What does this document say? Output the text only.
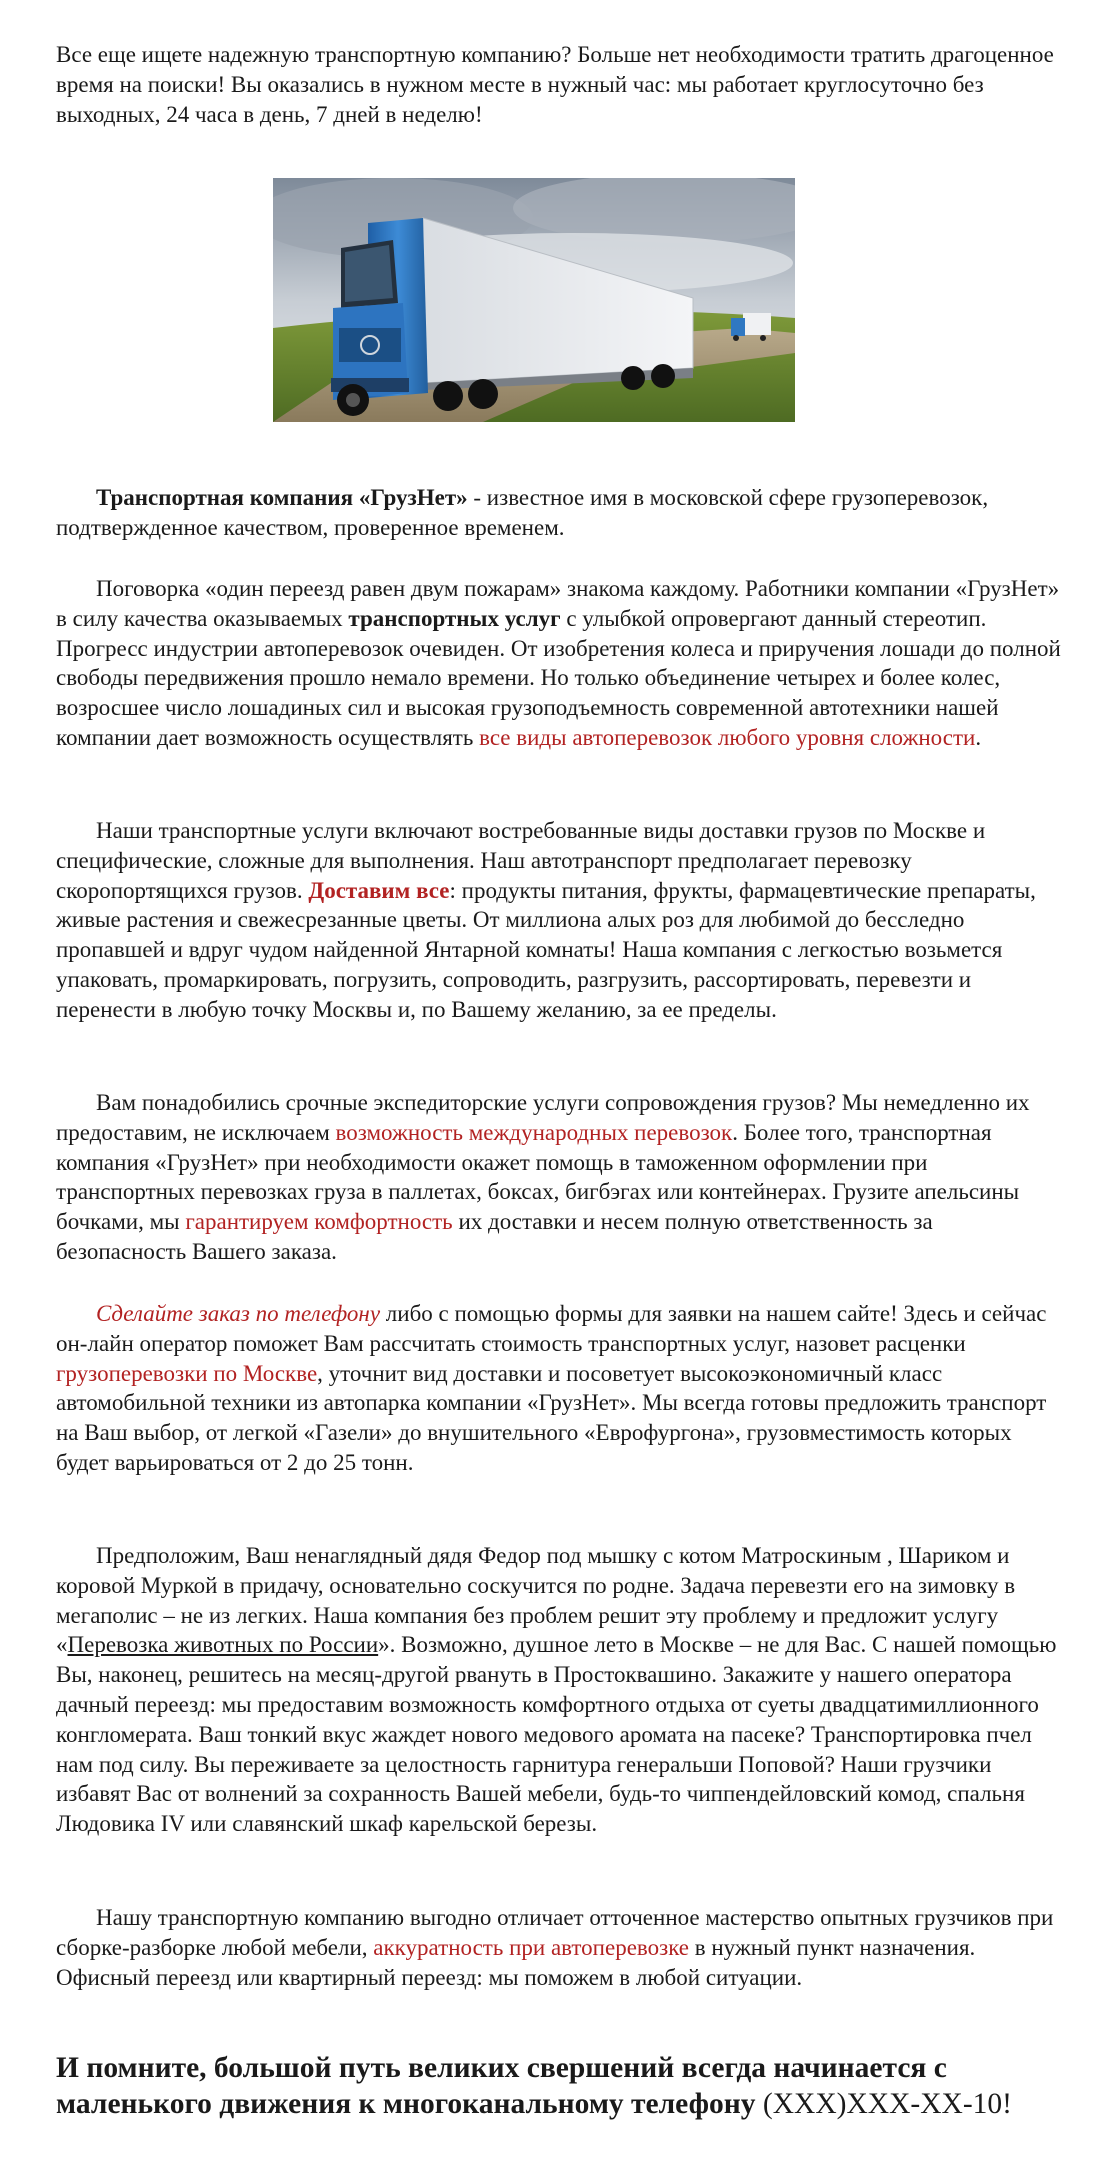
Все еще ищете надежную транспортную компанию? Больше нет необходимости тратить драгоценное время на поиски! Вы оказались в нужном месте в нужный час: мы работает круглосуточно без выходных, 24 часа в день, 7 дней в неделю!

Транспортная компания «ГрузНет» - известное имя в московской сфере грузоперевозок, подтвержденное качеством, проверенное временем.

Поговорка «один переезд равен двум пожарам» знакома каждому. Работники компании «ГрузНет» в силу качества оказываемых транспортных услуг с улыбкой опровергают данный стереотип. Прогресс индустрии автоперевозок очевиден. От изобретения колеса и приручения лошади до полной свободы передвижения прошло немало времени. Но только объединение четырех и более колес, возросшее число лошадиных сил и высокая грузоподъемность современной автотехники нашей компании дает возможность осуществлять все виды автоперевозок любого уровня сложности.

Наши транспортные услуги включают востребованные виды доставки грузов по Москве и специфические, сложные для выполнения. Наш автотранспорт предполагает перевозку скоропортящихся грузов. Доставим все: продукты питания, фрукты, фармацевтические препараты, живые растения и свежесрезанные цветы. От миллиона алых роз для любимой до бесследно пропавшей и вдруг чудом найденной Янтарной комнаты! Наша компания с легкостью возьмется упаковать, промаркировать, погрузить, сопроводить, разгрузить, рассортировать, перевезти и перенести в любую точку Москвы и, по Вашему желанию, за ее пределы.

Вам понадобились срочные экспедиторские услуги сопровождения грузов? Мы немедленно их предоставим, не исключаем возможность международных перевозок. Более того, транспортная компания «ГрузНет» при необходимости окажет помощь в таможенном оформлении при транспортных перевозках груза в паллетах, боксах, бигбэгах или контейнерах. Грузите апельсины бочками, мы гарантируем комфортность их доставки и несем полную ответственность за безопасность Вашего заказа.

Сделайте заказ по телефону либо с помощью формы для заявки на нашем сайте! Здесь и сейчас он-лайн оператор поможет Вам рассчитать стоимость транспортных услуг, назовет расценки грузоперевозки по Москве, уточнит вид доставки и посоветует высокоэкономичный класс автомобильной техники из автопарка компании «ГрузНет». Мы всегда готовы предложить транспорт на Ваш выбор, от легкой «Газели» до внушительного «Еврофургона», грузовместимость которых будет варьироваться от 2 до 25 тонн.

Предположим, Ваш ненаглядный дядя Федор под мышку с котом Матроскиным , Шариком и коровой Муркой в придачу, основательно соскучится по родне. Задача перевезти его на зимовку в мегаполис – не из легких. Наша компания без проблем решит эту проблему и предложит услугу «Перевозка животных по России». Возможно, душное лето в Москве – не для Вас. С нашей помощью Вы, наконец, решитесь на месяц-другой рвануть в Простоквашино. Закажите у нашего оператора дачный переезд: мы предоставим возможность комфортного отдыха от суеты двадцатимиллионного конгломерата. Ваш тонкий вкус жаждет нового медового аромата на пасеке? Транспортировка пчел нам под силу. Вы переживаете за целостность гарнитура генеральши Поповой? Наши грузчики избавят Вас от волнений за сохранность Вашей мебели, будь-то чиппендейловский комод, спальня Людовика IV или славянский шкаф карельской березы.

Нашу транспортную компанию выгодно отличает отточенное мастерство опытных грузчиков при сборке-разборке любой мебели, аккуратность при автоперевозке в нужный пункт назначения. Офисный переезд или квартирный переезд: мы поможем в любой ситуации.

И помните, большой путь великих свершений всегда начинается с маленького движения к многоканальному телефону (XXX)XXX-XX-10!
